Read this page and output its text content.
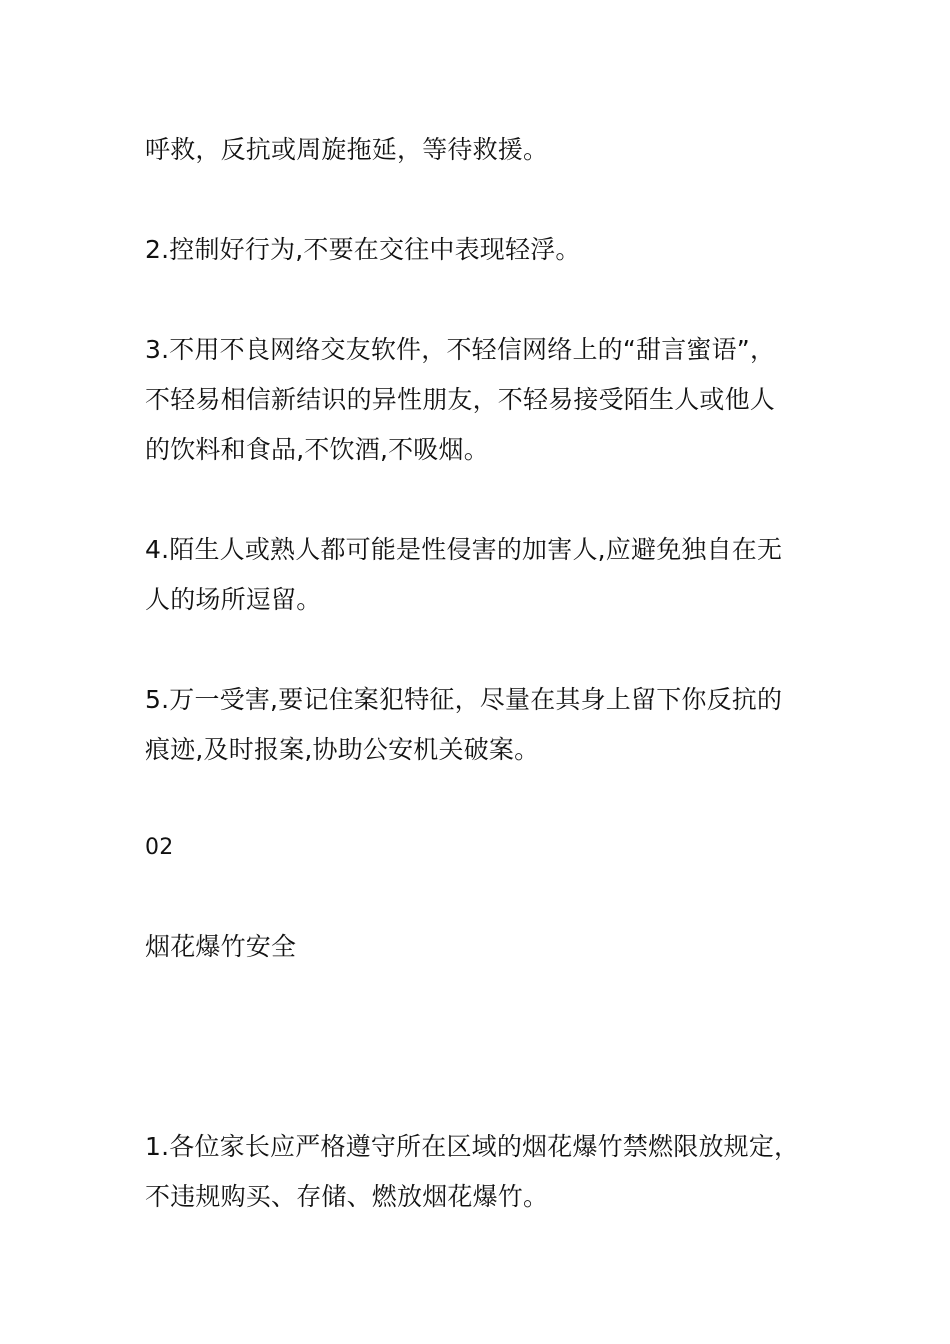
呼救，反抗或周旋拖延，等待救援。
2.控制好行为,不要在交往中表现轻浮。
3.不用不良网络交友软件，不轻信网络上的“甜言蜜语”，
不轻易相信新结识的异性朋友，不轻易接受陌生人或他人
的饮料和食品,不饮酒,不吸烟。
4.陌生人或熟人都可能是性侵害的加害人,应避免独自在无
人的场所逗留。
5.万一受害,要记住案犯特征，尽量在其身上留下你反抗的
痕迹,及时报案,协助公安机关破案。
02
烟花爆竹安全
1.各位家长应严格遵守所在区域的烟花爆竹禁燃限放规定，
不违规购买、存储、燃放烟花爆竹。
